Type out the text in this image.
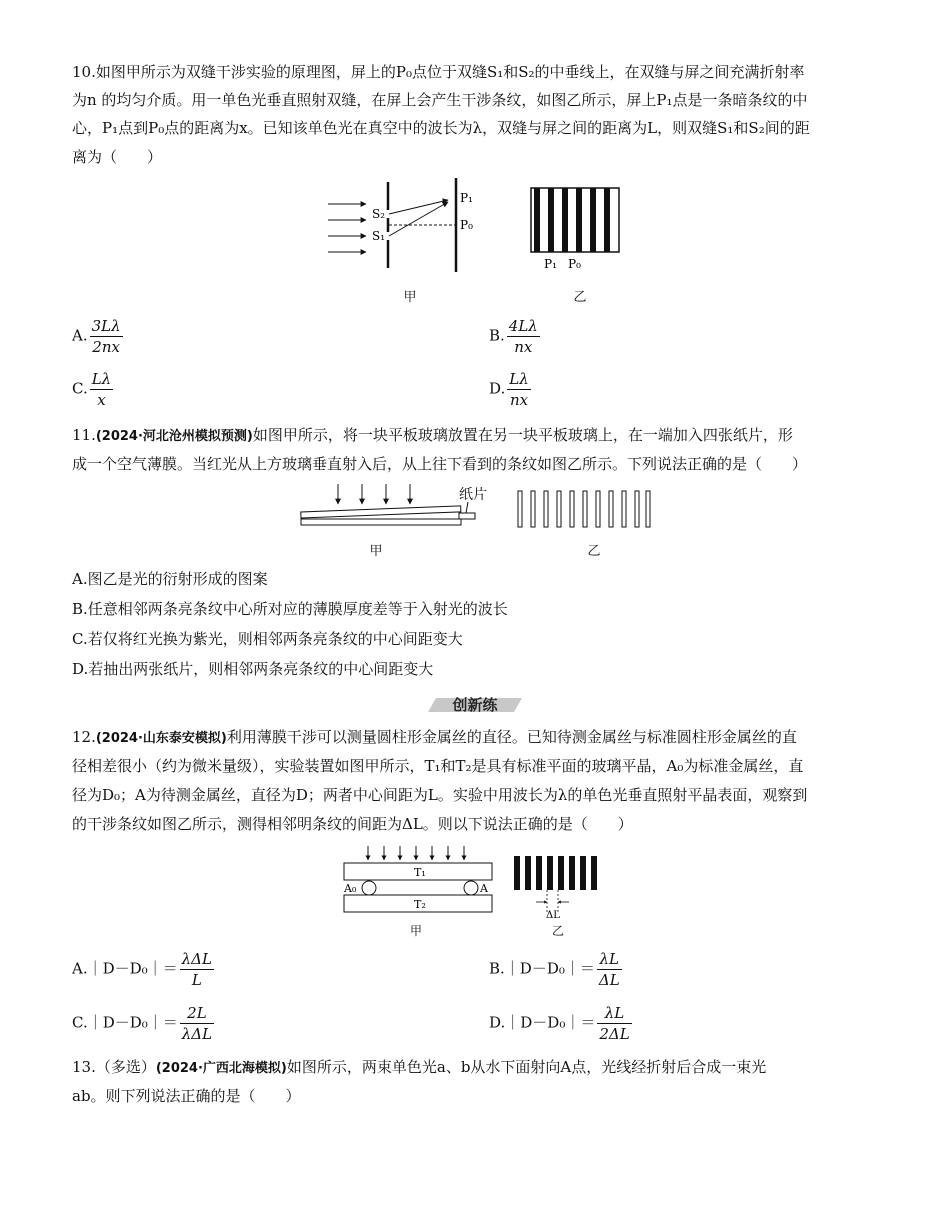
10.如图甲所示为双缝干涉实验的原理图，屏上的P₀点位于双缝S₁和S₂的中垂线上，在双缝与屏之间充满折射率

为n 的均匀介质。用一单色光垂直照射双缝，在屏上会产生干涉条纹，如图乙所示，屏上P₁点是一条暗条纹的中

心，P₁点到P₀点的距离为x。已知该单色光在真空中的波长为λ，双缝与屏之间的距离为L，则双缝S₁和S₂间的距

离为（　　）

S₂
S₁
P₁
P₀
甲
P₁ P₀
乙
A. $\frac{3L\lambda}{2nx}$	B. $\frac{4L\lambda}{nx}$
C. $\frac{L\lambda}{x}$	D. $\frac{L\lambda}{nx}$

11.(2024·河北沧州模拟预测)如图甲所示，将一块平板玻璃放置在另一块平板玻璃上，在一端加入四张纸片，形

成一个空气薄膜。当红光从上方玻璃垂直射入后，从上往下看到的条纹如图乙所示。下列说法正确的是（　　）

纸片
甲	乙

A.图乙是光的衍射形成的图案

B.任意相邻两条亮条纹中心所对应的薄膜厚度差等于入射光的波长

C.若仅将红光换为紫光，则相邻两条亮条纹的中心间距变大

D.若抽出两张纸片，则相邻两条亮条纹的中心间距变大

创新练

12.(2024·山东泰安模拟)利用薄膜干涉可以测量圆柱形金属丝的直径。已知待测金属丝与标准圆柱形金属丝的直

径相差很小（约为微米量级），实验装置如图甲所示，T₁和T₂是具有标准平面的玻璃平晶，A₀为标准金属丝，直

径为D₀；A为待测金属丝，直径为D；两者中心间距为L。实验中用波长为λ的单色光垂直照射平晶表面，观察到

的干涉条纹如图乙所示，测得相邻明条纹的间距为ΔL。则以下说法正确的是（　　）

T₁
A₀	A
T₂
甲
ΔL
乙
A.｜D－D₀｜＝ $\frac{\text{λΔL}}{L}$	B.｜D－D₀｜＝ $\frac{\lambda L}{\Delta L}$
C.｜D－D₀｜＝ $\frac{2L}{\text{λΔL}}$	D.｜D－D₀｜＝ $\frac{\lambda L}{2\Delta L}$

13.（多选）(2024·广西北海模拟)如图所示，两束单色光a、b从水下面射向A点，光线经折射后合成一束光

ab。则下列说法正确的是（　　）
